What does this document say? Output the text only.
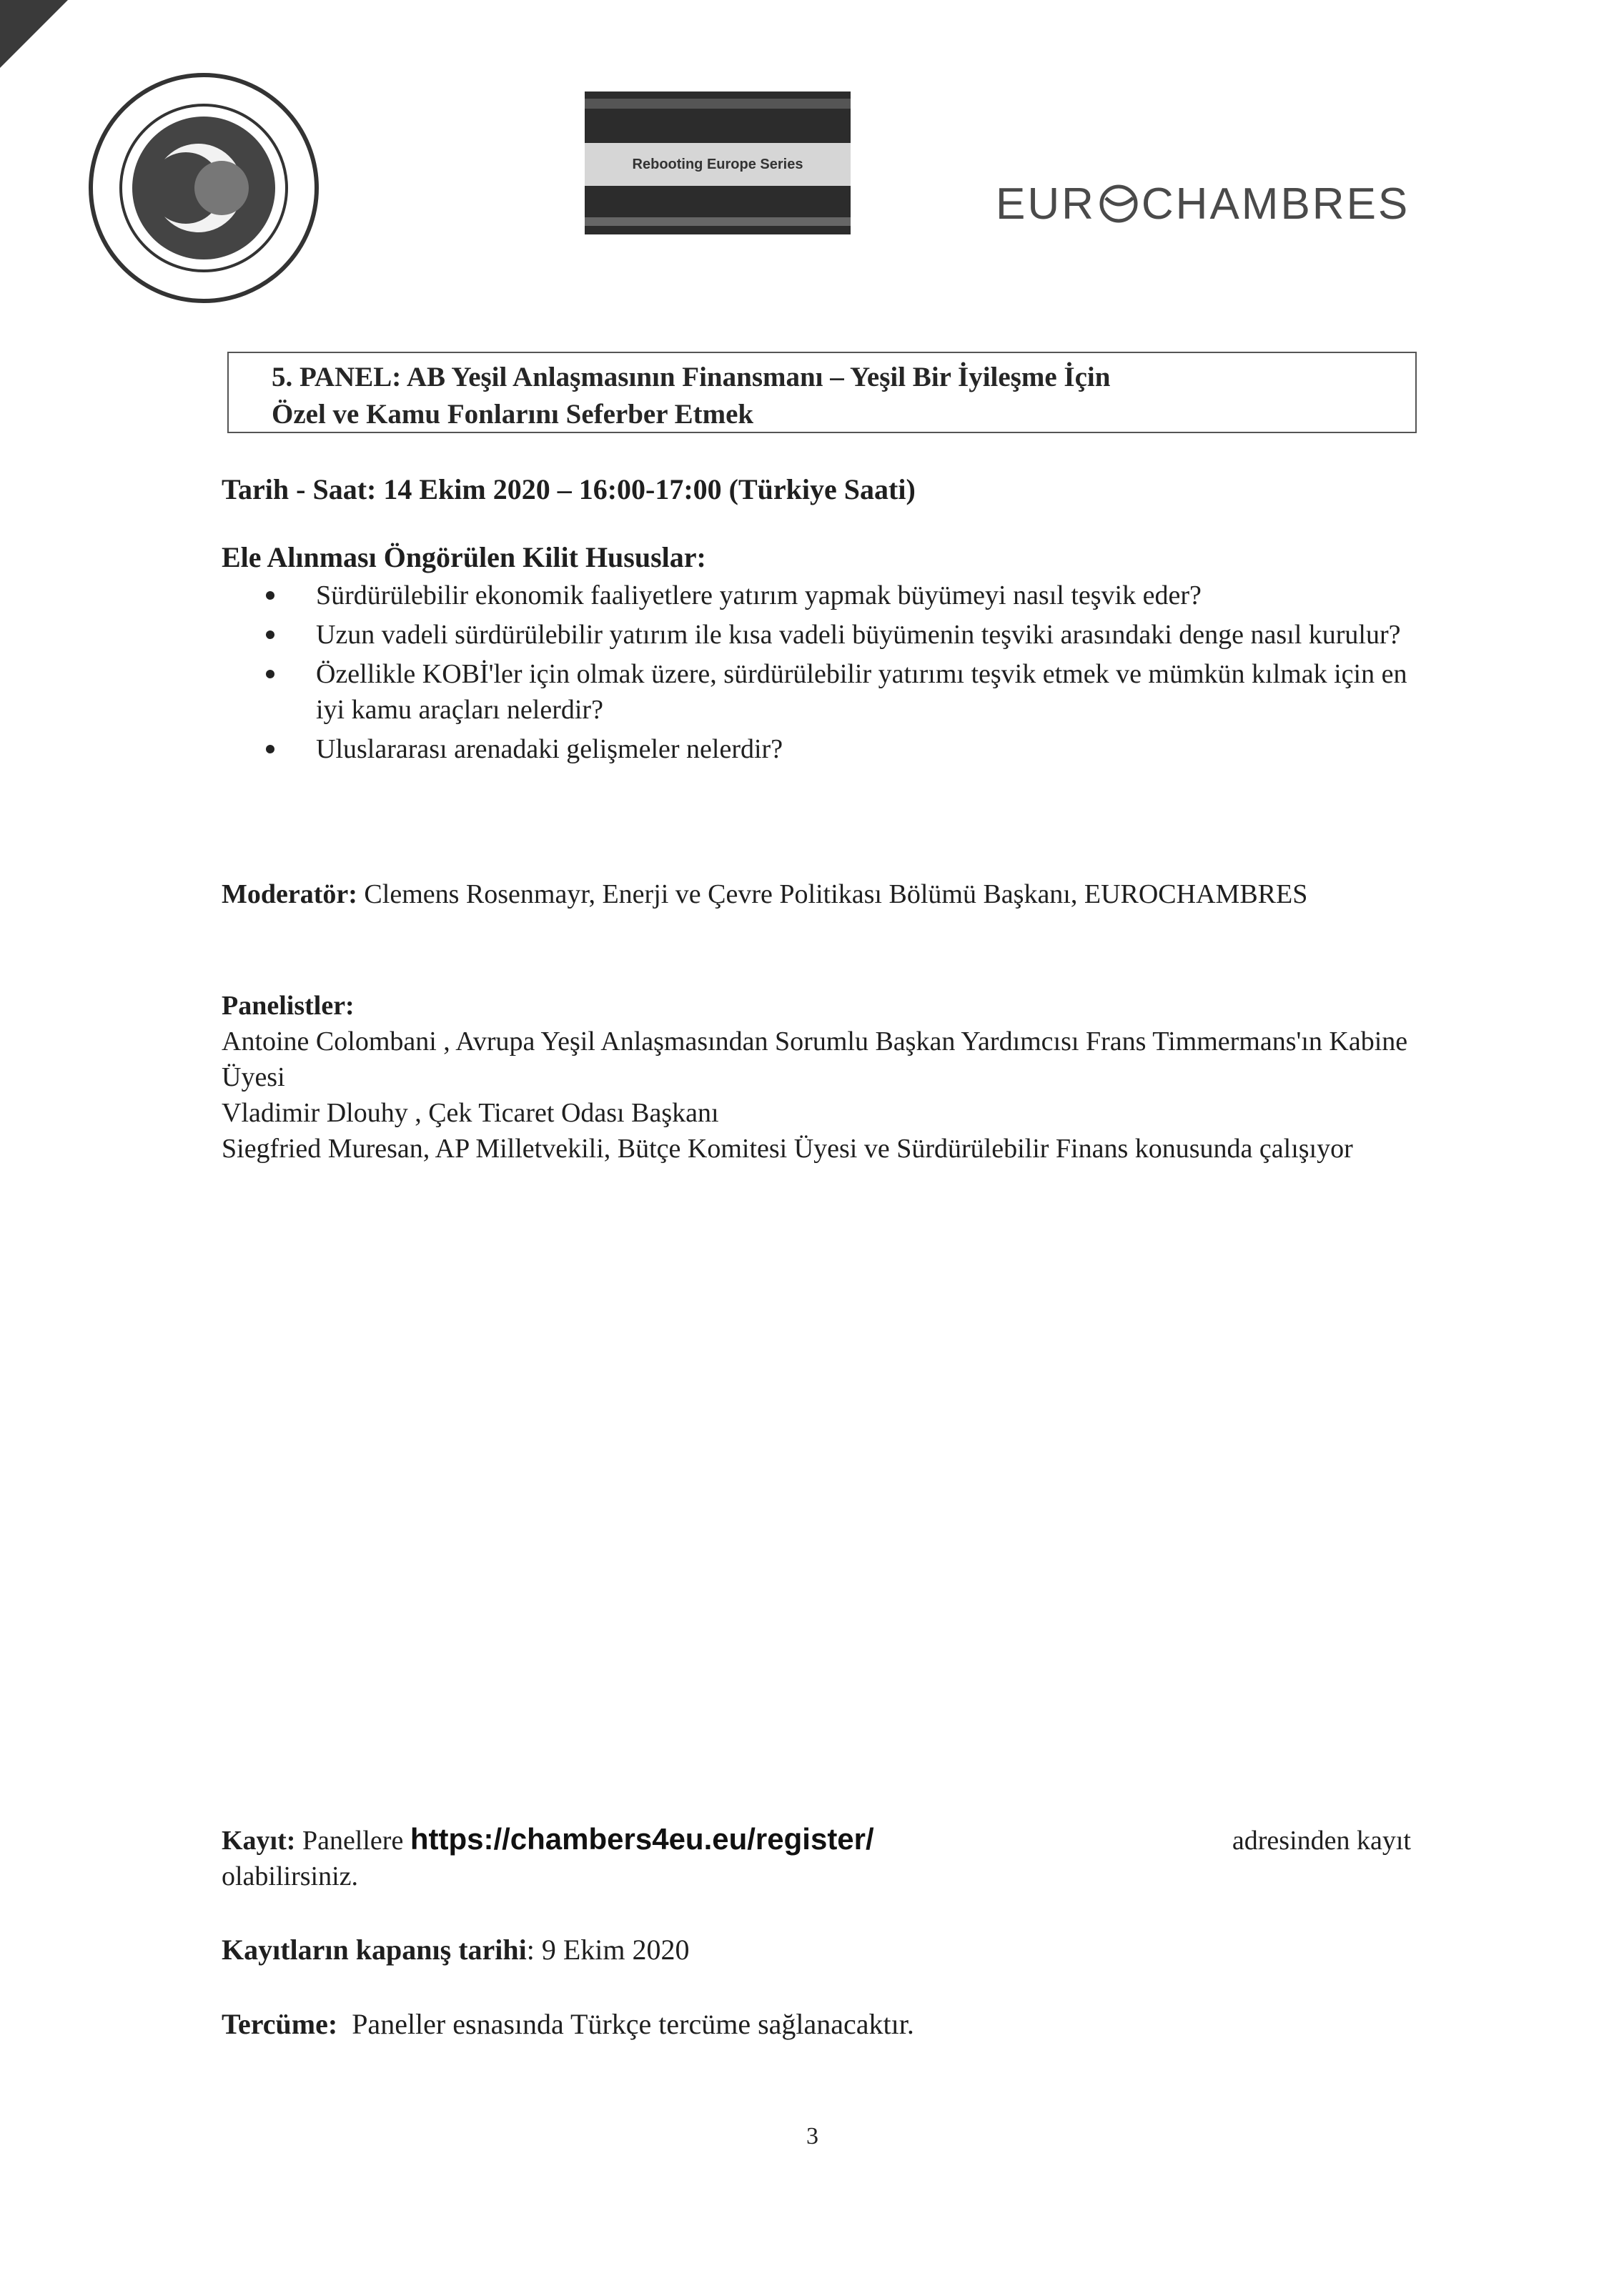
Rebooting Europe Series
EUR CHAMBRES
5. PANEL: AB Yeşil Anlaşmasının Finansmanı – Yeşil Bir İyileşme İçin
Özel ve Kamu Fonlarını Seferber Etmek
Tarih - Saat: 14 Ekim 2020 – 16:00-17:00 (Türkiye Saati)
Ele Alınması Öngörülen Kilit Hususlar:
Sürdürülebilir ekonomik faaliyetlere yatırım yapmak büyümeyi nasıl teşvik eder?
Uzun vadeli sürdürülebilir yatırım ile kısa vadeli büyümenin teşviki arasındaki denge nasıl kurulur?
Özellikle KOBİ'ler için olmak üzere, sürdürülebilir yatırımı teşvik etmek ve mümkün kılmak için en iyi kamu araçları nelerdir?
Uluslararası arenadaki gelişmeler nelerdir?
Moderatör: Clemens Rosenmayr, Enerji ve Çevre Politikası Bölümü Başkanı, EUROCHAMBRES
Panelistler:
Antoine Colombani , Avrupa Yeşil Anlaşmasından Sorumlu Başkan Yardımcısı Frans Timmermans'ın Kabine Üyesi
Vladimir Dlouhy , Çek Ticaret Odası Başkanı
Siegfried Muresan, AP Milletvekili, Bütçe Komitesi Üyesi ve Sürdürülebilir Finans konusunda çalışıyor
Kayıt: Panellere https://chambers4eu.eu/register/	adresinden kayıt
olabilirsiniz.
Kayıtların kapanış tarihi: 9 Ekim 2020
Tercüme: Paneller esnasında Türkçe tercüme sağlanacaktır.
3
